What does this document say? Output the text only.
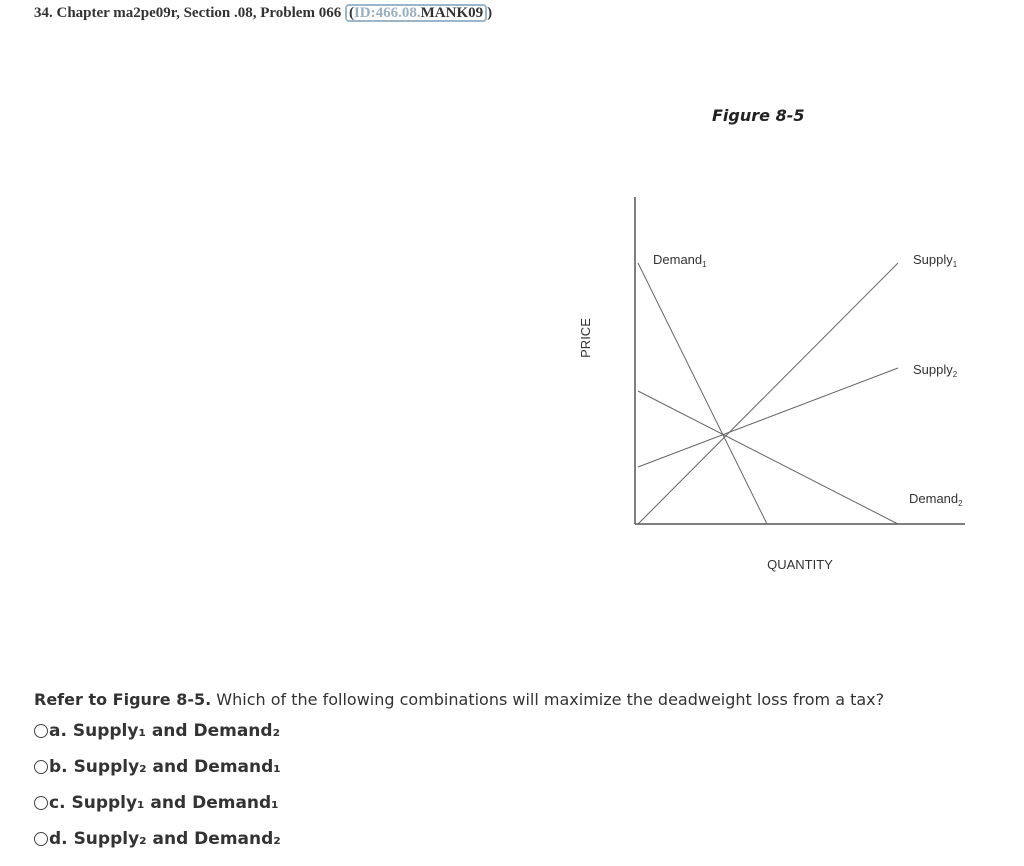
34. Chapter ma2pe09r, Section .08, Problem 066 (ID:466.08.MANK09 )
Figure 8-5
Demand$_1$	Supply$_1$
Supply$_2$
Demand$_2$
PRICE
QUANTITY
Refer to Figure 8-5. Which of the following combinations will maximize the deadweight loss from a tax?
a.
Supply₁ and Demand₂
b.
Supply₂ and Demand₁
c.
Supply₁ and Demand₁
d.
Supply₂ and Demand₂
